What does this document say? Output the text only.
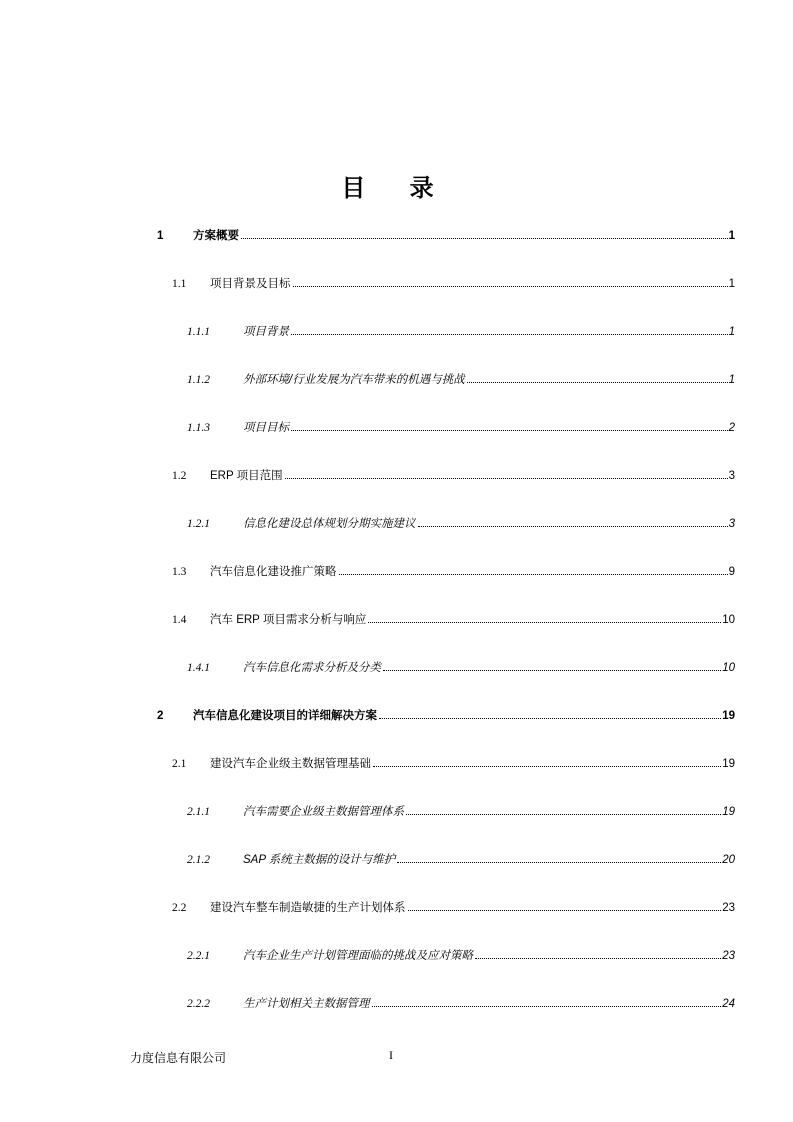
目 录
1	方案概要	1
1.1	项目背景及目标	1
1.1.1	项目背景	1
1.1.2	外部环境/行业发展为汽车带来的机遇与挑战	1
1.1.3	项目目标	2
1.2	ERP 项目范围	3
1.2.1	信息化建设总体规划分期实施建议	3
1.3	汽车信息化建设推广策略	9
1.4	汽车 ERP 项目需求分析与响应	10
1.4.1	汽车信息化需求分析及分类	10
2	汽车信息化建设项目的详细解决方案	19
2.1	建设汽车企业级主数据管理基础	19
2.1.1	汽车需要企业级主数据管理体系	19
2.1.2	SAP 系统主数据的设计与维护	20
2.2	建设汽车整车制造敏捷的生产计划体系	23
2.2.1	汽车企业生产计划管理面临的挑战及应对策略	23
2.2.2	生产计划相关主数据管理	24
力度信息有限公司	I
